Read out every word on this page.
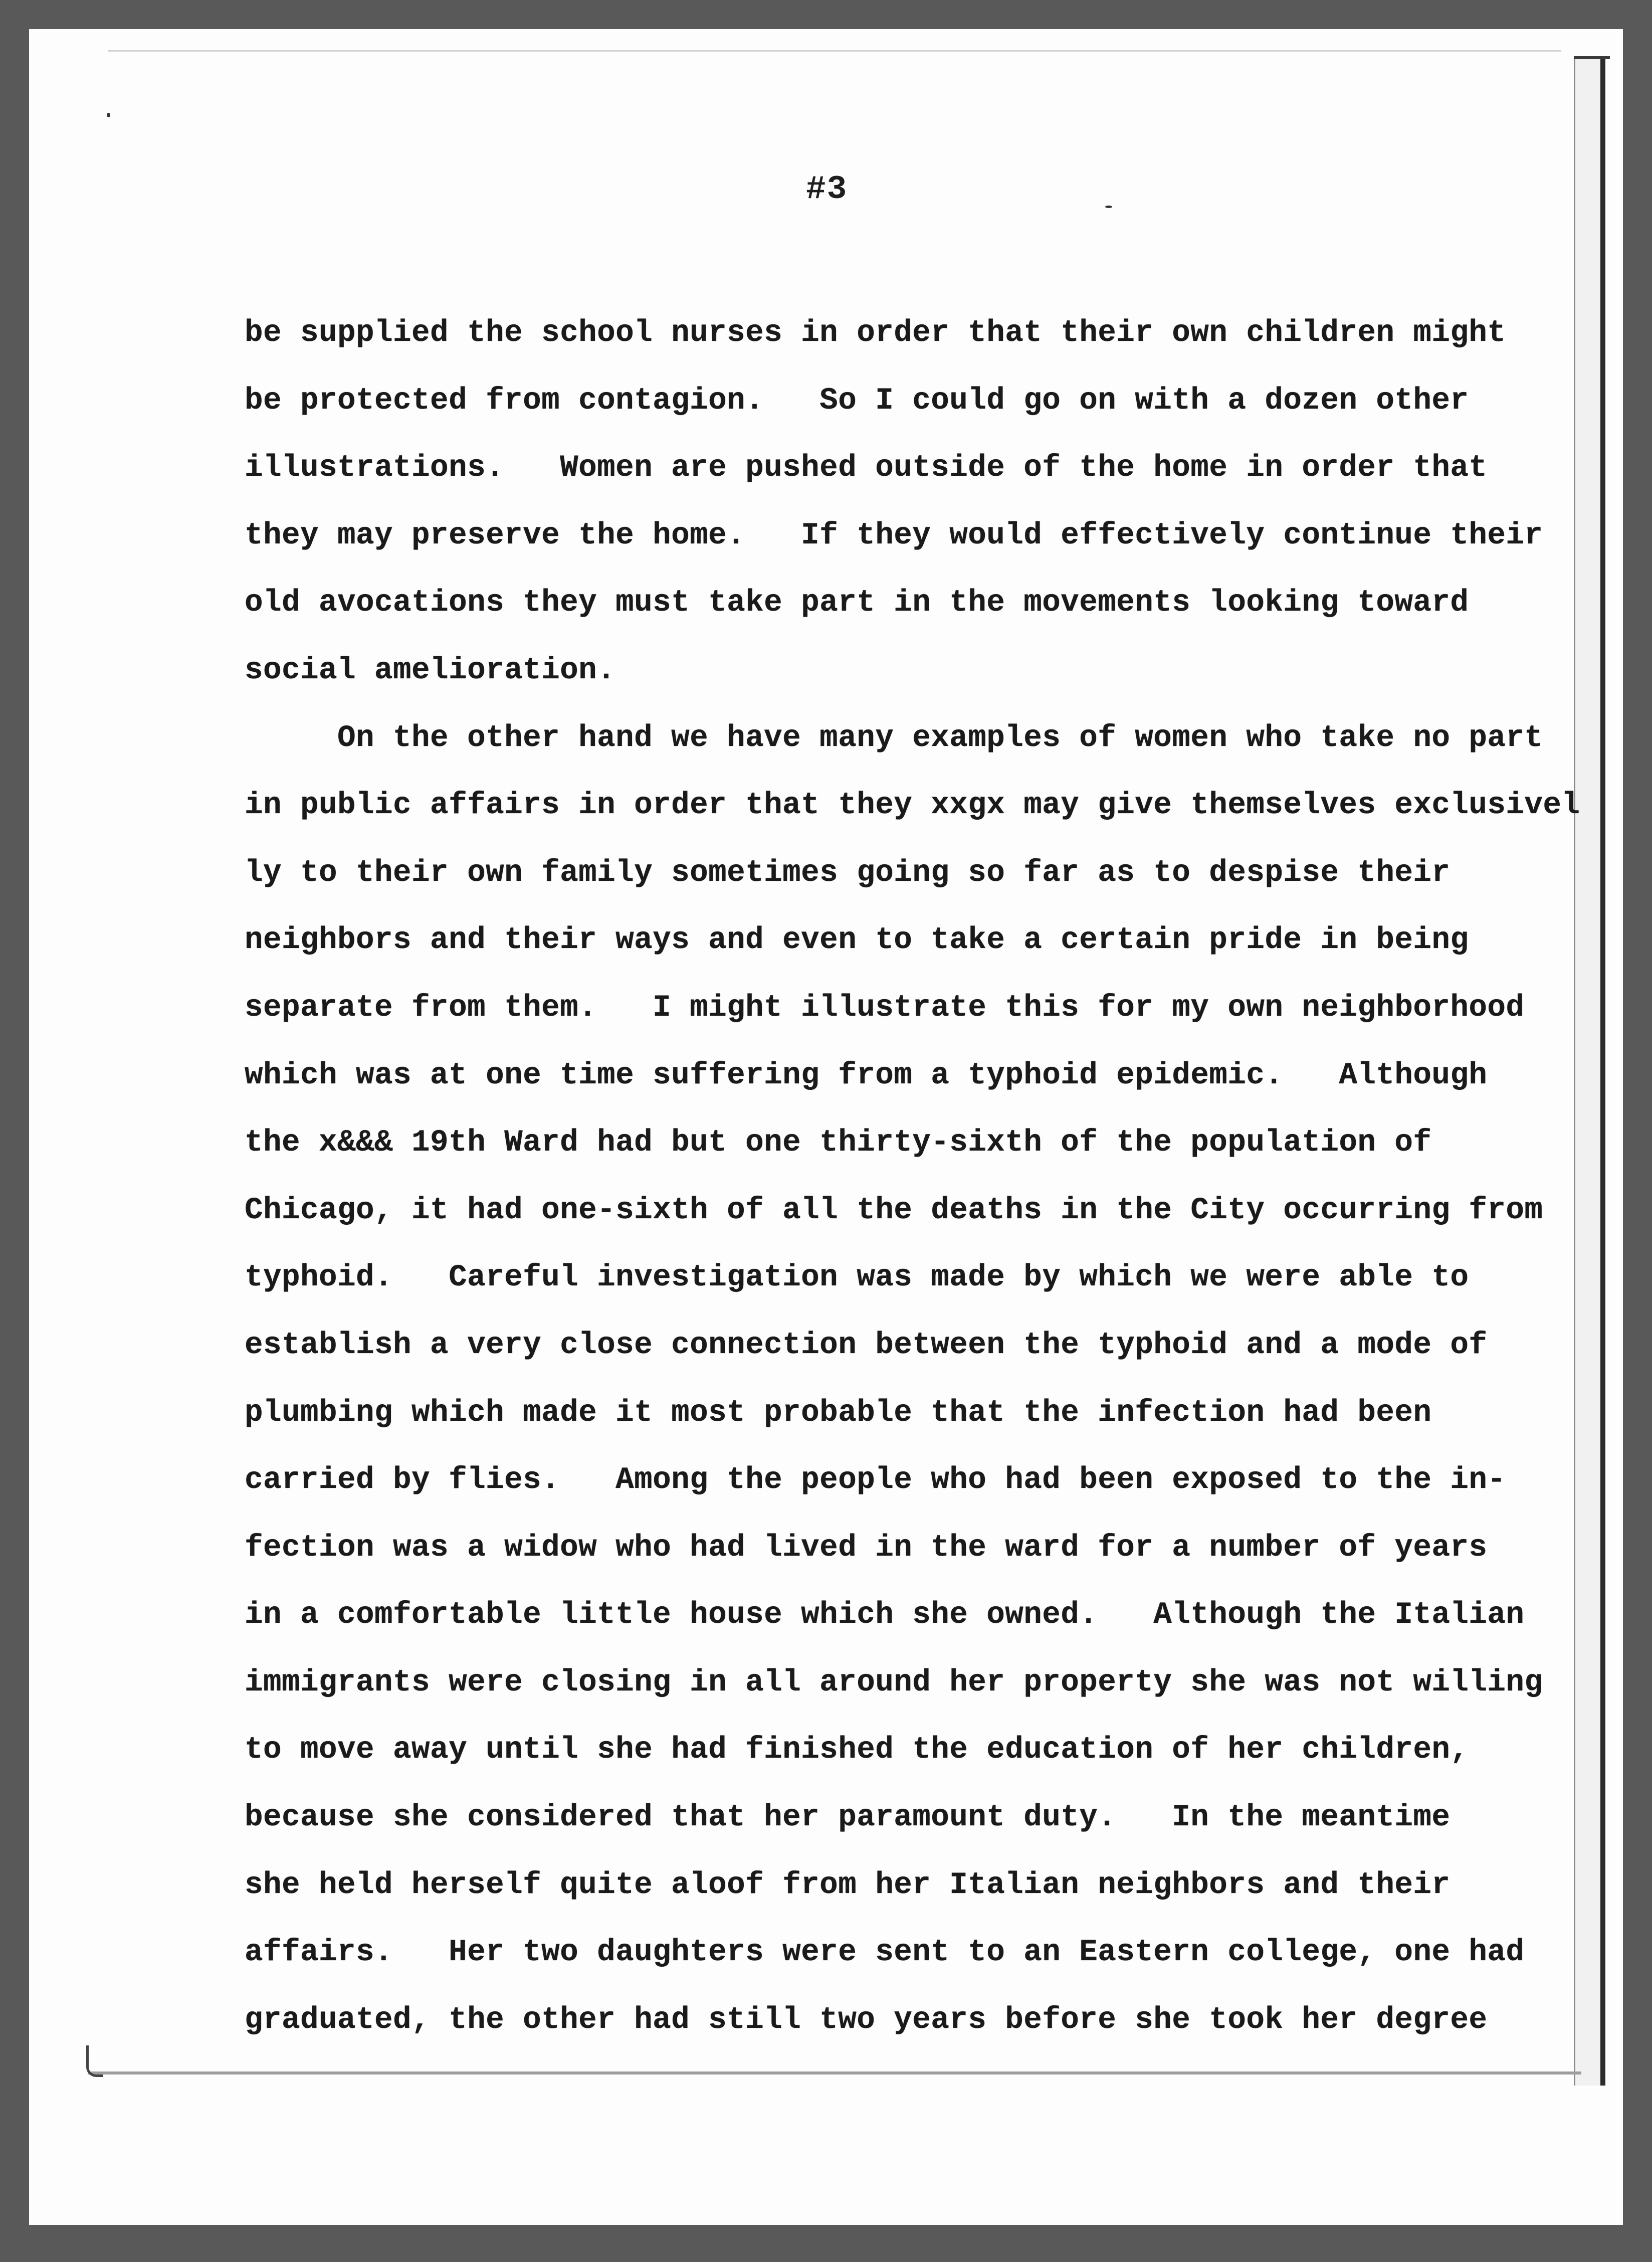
#3
be supplied the school nurses in order that their own children might
be protected from contagion.   So I could go on with a dozen other
illustrations.   Women are pushed outside of the home in order that
they may preserve the home.   If they would effectively continue their
old avocations they must take part in the movements looking toward
social amelioration.
On the other hand we have many examples of women who take no part
in public affairs in order that they xxgx may give themselves exclusivel
ly to their own family sometimes going so far as to despise their
neighbors and their ways and even to take a certain pride in being
separate from them.   I might illustrate this for my own neighborhood
which was at one time suffering from a typhoid epidemic.   Although
the x&&& 19th Ward had but one thirty-sixth of the population of
Chicago, it had one-sixth of all the deaths in the City occurring from
typhoid.   Careful investigation was made by which we were able to
establish a very close connection between the typhoid and a mode of
plumbing which made it most probable that the infection had been
carried by flies.   Among the people who had been exposed to the in-
fection was a widow who had lived in the ward for a number of years
in a comfortable little house which she owned.   Although the Italian
immigrants were closing in all around her property she was not willing
to move away until she had finished the education of her children,
because she considered that her paramount duty.   In the meantime
she held herself quite aloof from her Italian neighbors and their
affairs.   Her two daughters were sent to an Eastern college, one had
graduated, the other had still two years before she took her degree
